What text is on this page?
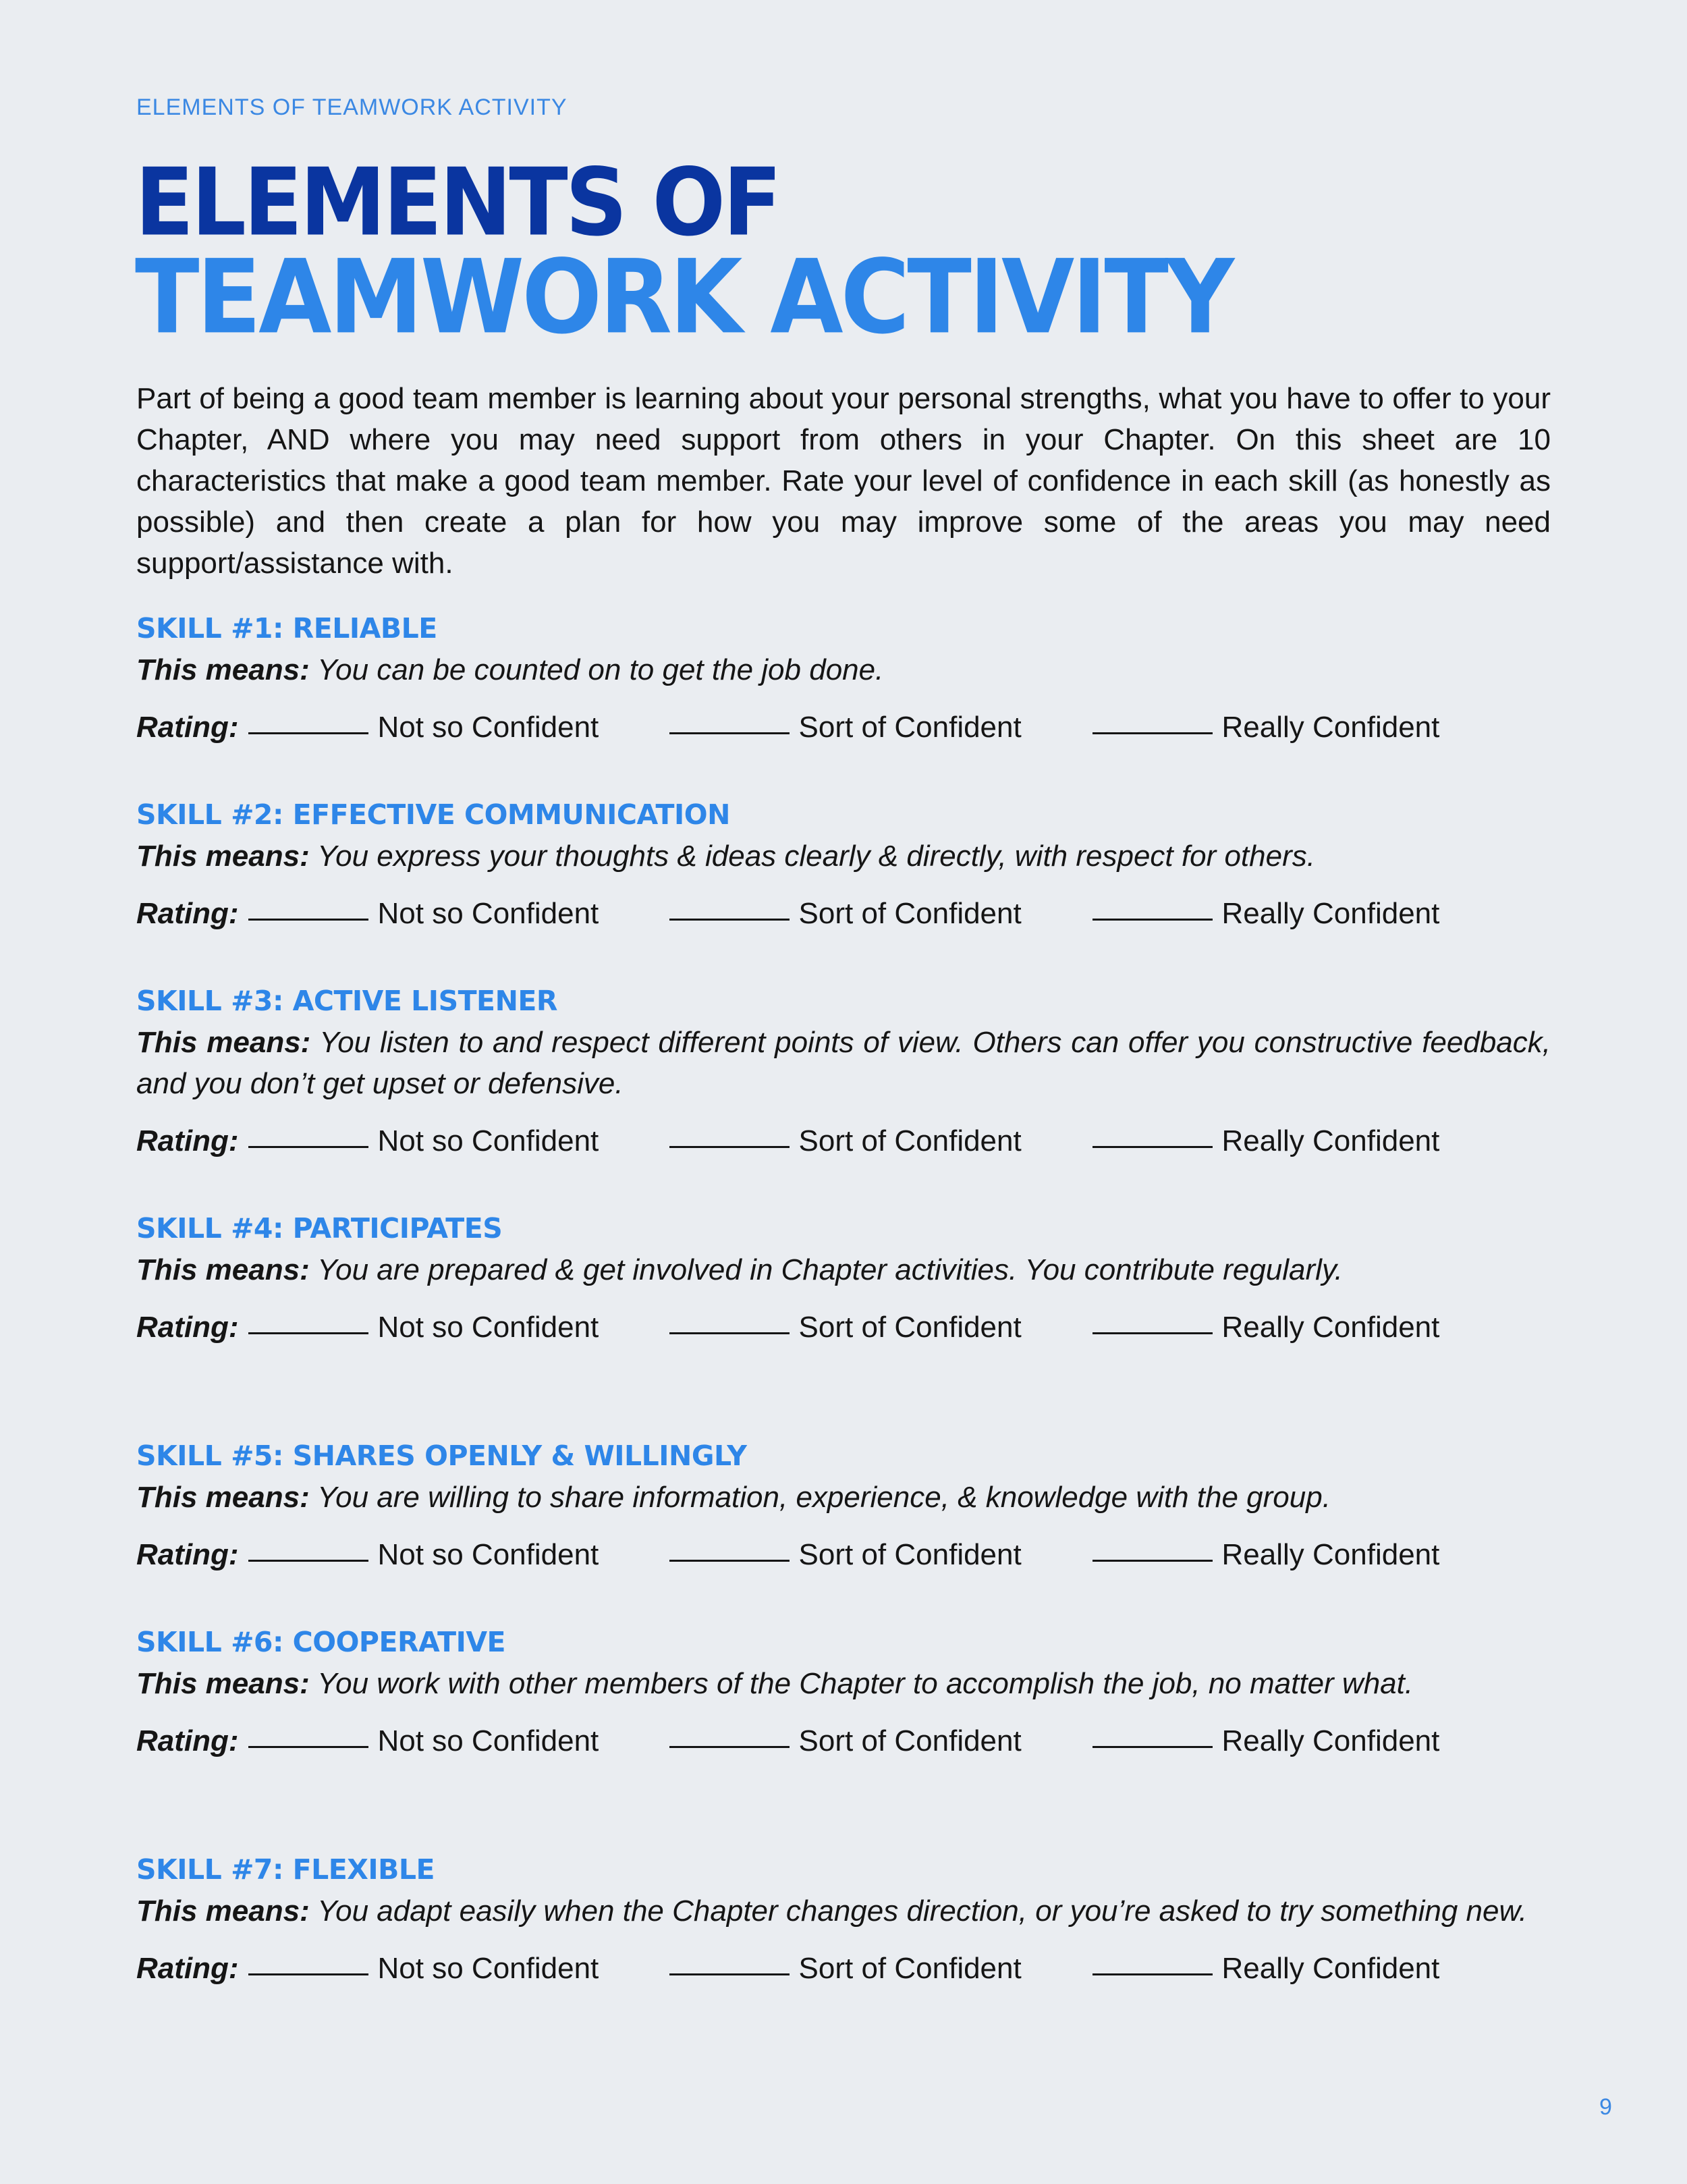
ELEMENTS OF TEAMWORK ACTIVITY
ELEMENTS OF
TEAMWORK ACTIVITY

Part of being a good team member is learning about your personal strengths, what you have to offer to your Chapter, AND where you may need support from others in your Chapter. On this sheet are 10 characteristics that make a good team member. Rate your level of confidence in each skill (as honestly as possible) and then create a plan for how you may improve some of the areas you may need support/assistance with.

SKILL #1: RELIABLE
This means: You can be counted on to get the job done.
Rating:	Not so Confident	Sort of Confident	Really Confident
SKILL #2: EFFECTIVE COMMUNICATION
This means: You express your thoughts & ideas clearly & directly, with respect for others.
Rating:	Not so Confident	Sort of Confident	Really Confident
SKILL #3: ACTIVE LISTENER
This means: You listen to and respect different points of view. Others can offer you constructive feedback, and you don’t get upset or defensive.
Rating:	Not so Confident	Sort of Confident	Really Confident
SKILL #4: PARTICIPATES
This means: You are prepared & get involved in Chapter activities. You contribute regularly.
Rating:	Not so Confident	Sort of Confident	Really Confident
SKILL #5: SHARES OPENLY & WILLINGLY
This means: You are willing to share information, experience, & knowledge with the group.
Rating:	Not so Confident	Sort of Confident	Really Confident
SKILL #6: COOPERATIVE
This means: You work with other members of the Chapter to accomplish the job, no matter what.
Rating:	Not so Confident	Sort of Confident	Really Confident
SKILL #7: FLEXIBLE
This means: You adapt easily when the Chapter changes direction, or you’re asked to try something new.
Rating:	Not so Confident	Sort of Confident	Really Confident
9
